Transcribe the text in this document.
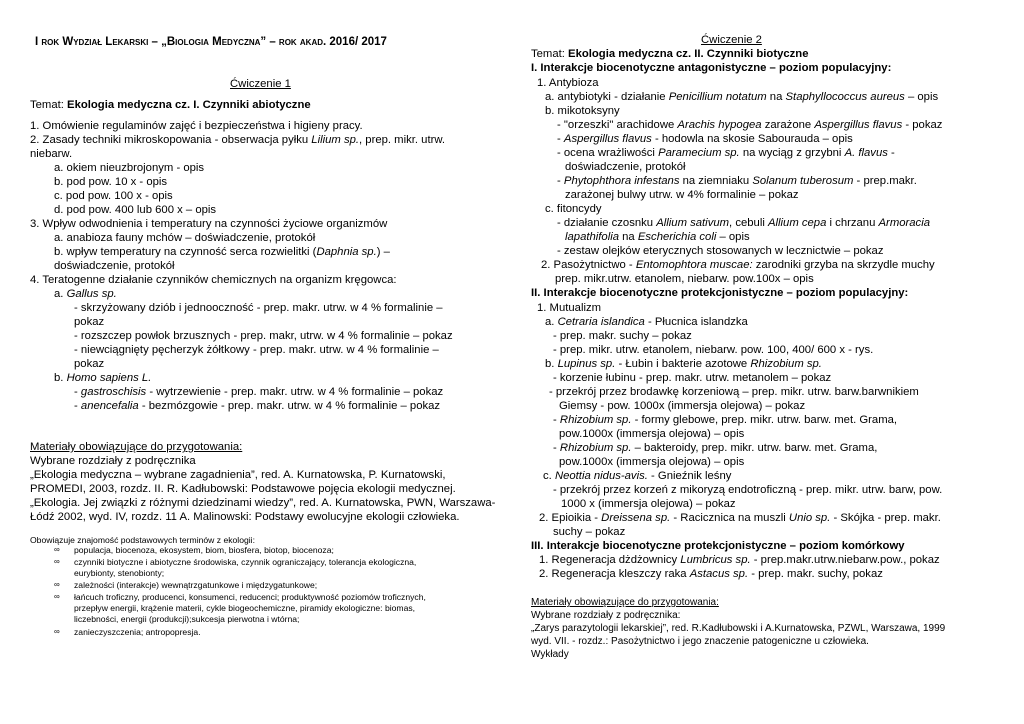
I rok Wydział Lekarski – „Biologia Medyczna” – rok akad. 2016/ 2017
Ćwiczenie 1
Temat: Ekologia medyczna cz. I. Czynniki abiotyczne
1. Omówienie regulaminów zajęć i bezpieczeństwa i higieny pracy.
2. Zasady techniki mikroskopowania - obserwacja pyłku Lilium sp., prep. mikr. utrw.
niebarw.
a. okiem nieuzbrojonym - opis
b. pod pow. 10 x - opis
c. pod pow. 100 x - opis
d. pod pow. 400 lub 600 x – opis
3. Wpływ odwodnienia i temperatury na czynności życiowe organizmów
a. anabioza fauny mchów – doświadczenie, protokół
b. wpływ temperatury na czynność serca rozwielitki (Daphnia sp.) –
doświadczenie, protokół
4. Teratogenne działanie czynników chemicznych na organizm kręgowca:
a. Gallus sp.
- skrzyżowany dziób i jednooczność - prep. makr. utrw. w 4 % formalinie –
pokaz
- rozszczep powłok brzusznych - prep. makr, utrw. w 4 % formalinie – pokaz
- niewciągnięty pęcherzyk żółtkowy - prep. makr. utrw. w 4 % formalinie –
pokaz
b. Homo sapiens L.
- gastroschisis - wytrzewienie - prep. makr. utrw. w 4 % formalinie – pokaz
- anencefalia - bezmózgowie - prep. makr. utrw. w 4 % formalinie – pokaz
Materiały obowiązujące do przygotowania:
Wybrane rozdziały z podręcznika
„Ekologia medyczna – wybrane zagadnienia”, red. A. Kurnatowska, P. Kurnatowski,
PROMEDI, 2003, rozdz. II. R. Kadłubowski: Podstawowe pojęcia ekologii medycznej.
„Ekologia. Jej związki z różnymi dziedzinami wiedzy”, red. A. Kurnatowska, PWN, Warszawa-
Łódź 2002, wyd. IV, rozdz. 11 A. Malinowski: Podstawy ewolucyjne ekologii człowieka.
Obowiązuje znajomość podstawowych terminów z ekologii:
∞ populacja, biocenoza, ekosystem, biom, biosfera, biotop, biocenoza;
∞ czynniki biotyczne i abiotyczne środowiska, czynnik ograniczający, tolerancja ekologiczna,
eurybionty, stenobionty;
∞ zależności (interakcje) wewnątrzgatunkowe i międzygatunkowe;
∞ łańcuch troficzny, producenci, konsumenci, reducenci; produktywność poziomów troficznych,
przepływ energii, krążenie materii, cykle biogeochemiczne, piramidy ekologiczne: biomas,
liczebności, energii (produkcji);sukcesja pierwotna i wtórna;
∞ zanieczyszczenia; antropopresja.
Ćwiczenie 2
Temat: Ekologia medyczna cz. II. Czynniki biotyczne
I. Interakcje biocenotyczne antagonistyczne – poziom populacyjny:
1. Antybioza
a. antybiotyki - działanie Penicillium notatum na Staphyllococcus aureus – opis
b. mikotoksyny
- "orzeszki" arachidowe Arachis hypogea zarażone Aspergillus flavus - pokaz
- Aspergillus flavus - hodowla na skosie Sabourauda – opis
- ocena wrażliwości Paramecium sp. na wyciąg z grzybni A. flavus -
doświadczenie, protokół
- Phytophthora infestans na ziemniaku Solanum tuberosum - prep.makr.
zarażonej bulwy utrw. w 4% formalinie – pokaz
c. fitoncydy
- działanie czosnku Allium sativum, cebuli Allium cepa i chrzanu Armoracia
lapathifolia na Escherichia coli – opis
- zestaw olejków eterycznych stosowanych w lecznictwie – pokaz
2. Pasożytnictwo - Entomophtora muscae: zarodniki grzyba na skrzydle muchy
prep. mikr.utrw. etanolem, niebarw. pow.100x – opis
II. Interakcje biocenotyczne protekcjonistyczne – poziom populacyjny:
1. Mutualizm
a. Cetraria islandica - Płucnica islandzka
- prep. makr. suchy – pokaz
- prep. mikr. utrw. etanolem, niebarw. pow. 100, 400/ 600 x - rys.
b. Lupinus sp. - Łubin i bakterie azotowe Rhizobium sp.
- korzenie łubinu - prep. makr. utrw. metanolem – pokaz
- przekrój przez brodawkę korzeniową – prep. mikr. utrw. barw.barwnikiem
Giemsy - pow. 1000x (immersja olejowa) – pokaz
- Rhizobium sp. - formy glebowe, prep. mikr. utrw. barw. met. Grama,
pow.1000x (immersja olejowa) – opis
- Rhizobium sp. – bakteroidy, prep. mikr. utrw. barw. met. Grama,
pow.1000x (immersja olejowa) – opis
c. Neottia nidus-avis. - Gnieźnik leśny
- przekrój przez korzeń z mikoryzą endotroficzną - prep. mikr. utrw. barw, pow.
1000 x (immersja olejowa) – pokaz
2. Epioikia - Dreissena sp. - Racicznica na muszli Unio sp. - Skójka - prep. makr.
suchy – pokaz
III. Interakcje biocenotyczne protekcjonistyczne – poziom komórkowy
1. Regeneracja dżdżownicy Lumbricus sp. - prep.makr.utrw.niebarw.pow., pokaz
2. Regeneracja kleszczy raka Astacus sp. - prep. makr. suchy, pokaz
Materiały obowiązujące do przygotowania:
Wybrane rozdziały z podręcznika:
„Zarys parazytologii lekarskiej”, red. R.Kadłubowski i A.Kurnatowska, PZWL, Warszawa, 1999
wyd. VII. - rozdz.: Pasożytnictwo i jego znaczenie patogeniczne u człowieka.
Wykłady
